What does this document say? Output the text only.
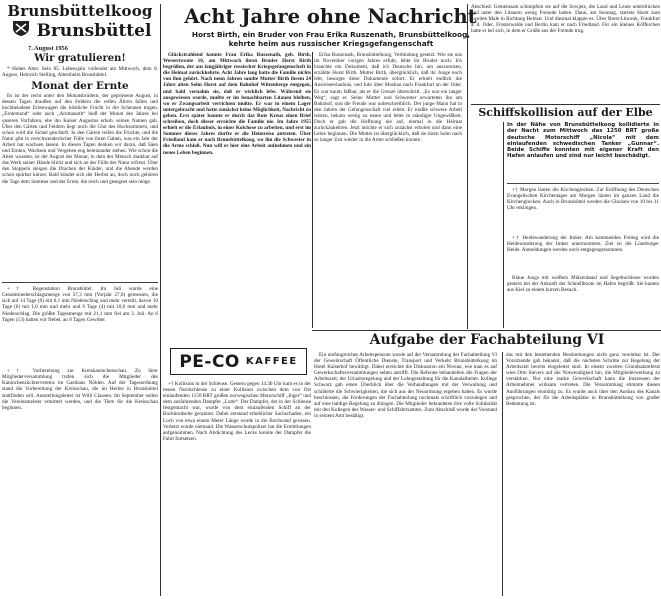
Brunsbüttelkoog
Brunsbüttel
7. August 1956
Wir gratulieren!

* Hohes Alter. Sein 85. Lebensjahr vollendet am Mittwoch, dem 8. August, Heinrich Stelling, Altersheim Brunsbüttel.

Monat der Ernte

Es ist der recht unter den Monatsbrüdern, der gepriesene August, in dessen Tagen draußen auf den Feldern die reifen Ähren fallen und hochbeladene Erntewagen die köstliche Frucht in die Scheunen tragen. „Erntemond“ oder auch „Arnmanoth“ hieß der Monat des Jahres bei unseren Vorfahren, ehe ihn Kaiser Augustus erhob, seinen Namen gab. Über den Gärten und Feldern liegt noch die Glut des Hochsommers, und schon wird die Sichel geschärft. In den Gärten reifen die Früchte, und die Natur gibt in verschwenderischer Fülle von ihren Gaben, was ein Jahr der Arbeit hat wachsen lassen. In diesen Tagen denken wir daran, daß Säen und Ernten, Wachsen und Vergehen eng beieinander stehen. Wie schon die Alten wussten, ist der August der Monat, in dem der Mensch dankbar auf das Werk seiner Hände blickt und sich an der Fülle der Natur erfreut. Über den Stoppeln steigen die Drachen der Kinder, und die Abende werden schon spürbar kürzer. Bald kündet sich der Herbst an, doch noch gehören die Tage dem Sommer und der Ernte, die reich und gesegnet sein möge.

+† Regenstation Brunsbüttel. Im Juli wurde eine Gesamtniederschlagsmenge von 37,3 mm (Vorjahr 27,0) gemessen, die sich auf 14 Tage (9) mit 0,1 mm Niederschlag und mehr verteilt, davon 10 Tage (6) mit 1,0 mm und mehr und 9 Tage (4) mit 10,0 mm und mehr Niederschlag. Die größte Tagesmenge mit 21,1 mm fiel am 3. Juli. An 6 Tagen (13) hatten wir Nebel, an 8 Tagen Gewitter.

+† Vorbereitung zur Kreiskaninchenschau. Zu ihrer Mitgliederversammlung trafen sich die Mitglieder des Kaninchenzüchtervereins im Gasthaus Nöhlen. Auf der Tagesordnung stand die Vorbereitung der Kreisschau, die im Herbst in Brunsbüttel stattfinden soll. Ausstellungsleiter ist Willi Clausen. Im September sollen die Vereinsmeister ermittelt werden, und die Tiere für die Kreisschau beginnen.

Acht Jahre ohne Nachricht
Horst Birth, ein Bruder von Frau Erika Ruszenath, Brunsbüttelkoog, kehrte heim aus russischer Kriegsgefangenschaft

Glückstrahlend konnte Frau Erika Ruszenath, geb. Birth, Westertweute 10, am Mittwoch ihren Bruder Horst Birth begrüßen, der aus langjähriger russischer Kriegsgefangenschaft in die Heimat zurückkehrte. Acht Jahre lang hatte die Familie nichts von ihm gehört. Nach neun Jahren sandte Mutter Birth ihrem 24 Jahre alten Sohn Horst auf dem Bahnhof Wittenberge entgegen, und bald vernahm sie, daß er wirklich lebe. Während sie ausgewiesen wurde, mußte er im benachbarten Litauen bleiben, wo er Zwangsarbeit verrichten mußte. Er war in einem Lager untergebracht und hatte zunächst keine Möglichkeit, Nachricht zu geben. Erst später konnte er durch das Rote Kreuz einen Brief schreiben, doch dieser erreichte die Familie nie. Im Jahre 1955 erhielt er die Erlaubnis, in einer Kolchose zu arbeiten, und erst im Sommer dieses Jahres durfte er die Heimreise antreten. Über Friedland kam er nach Brunsbüttelkoog, wo ihn die Schwester in die Arme schloß. Nun will er hier eine Arbeit aufnehmen und ein neues Leben beginnen.

PE-CO KAFFEE

+† Kollision in der Schleuse. Gestern gegen 14.30 Uhr kam es in der neuen Nordschleuse zu einer Kollision zwischen dem von Ost einlaufenden 1150 BRT großen norwegischen Motorschiff „Inger“ und dem ausfahrenden Dampfer „Lotte“. Der Dampfer, der in der Schleuse festgemacht war, wurde von dem einlaufenden Schiff an der Backbordseite gerammt. Dabei entstand erheblicher Sachschaden, ein Loch von etwa einem Meter Länge wurde in die Bordwand gerissen. Verletzt wurde niemand. Die Wasserschutzpolizei hat die Ermittlungen aufgenommen. Nach Abdichtung des Lecks konnte der Dampfer die Fahrt fortsetzen.

Erika Ruszenath, Brunsbüttelkoog, Verbindung gesetzt. Wie sie uns im November vorigen Jahres erfuhr, lebte ihr Bruder noch. Ich brauchte ein Dokument, daß ich Deutsche bin, um auszureisen, erzählte Horst Birth. Mutter Birth, überglücklich, daß ihr Junge noch lebt, besorgte diese Dokumente sofort. Er erhielt endlich die Ausreiseerlaubnis, und fuhr über Moskau nach Frankfurt an der Oder. Es war kaum faßbar, als er die Grenze überschritt. „Es war ein langer Weg“, sagt er. Seine Mutter und Schwester erwarteten ihn am Bahnhof, und die Freude war unbeschreiblich. Der junge Mann hat in den Jahren der Gefangenschaft viel erlebt. Er mußte schwere Arbeit leisten, bekam wenig zu essen und lebte in ständiger Ungewißheit. Doch er gab die Hoffnung nie auf, einmal in die Heimat zurückzukehren. Jetzt möchte er sich zunächst erholen und dann eine Lehre beginnen. Die Mutter ist überglücklich, daß sie ihren Sohn nach so langer Zeit wieder in die Arme schließen konnte.

Aufgabe der Fachabteilung VI

Ein umfangreiches Arbeitspensum wurde auf der Versammlung der Fachabteilung VI der Gewerkschaft Öffentliche Dienste, Transport und Verkehr Brunsbüttelkoog im Hotel Kaiserhof bewältigt. Dabei erreichte die Diskussion ein Niveau, wie man es auf Gewerkschaftsversammlungen selten antrifft. Die Referate behandelten die Fragen der Arbeitszeit, der Urlaubsregelung und der Lohngestaltung für die Kanalarbeiter. Kollege Schwarz gab einen Überblick über die Verhandlungen mit der Verwaltung und schilderte die Schwierigkeiten, die sich aus der Neuordnung ergeben haben. Es wurde beschlossen, die Forderungen der Fachabteilung nochmals schriftlich vorzulegen und auf eine baldige Regelung zu drängen. Die Mitglieder bekundeten ihre volle Solidarität mit den Kollegen des Wasser- und Schiffahrtsamtes. Zum Abschluß wurde der Vorstand in seinem Amt bestätigt.

das mit den bestehenden Bestimmungen nicht ganz vereinbar ist. Der Vorsitzende gab bekannt, daß die nächsten Schritte zur Regelung der Arbeitszeit bereits eingeleitet sind. In einem zweiten Grundsatzreferat wies Otto Sievers auf die Notwendigkeit hin, die Mitgliederwerbung zu verstärken. Nur eine starke Gewerkschaft kann die Interessen der Arbeitnehmer wirksam vertreten. Die Versammlung stimmte diesen Ausführungen einmütig zu. Es wurde auch über den Ausbau des Kanals gesprochen, der für die Arbeitsplätze in Brunsbüttelkoog von großer Bedeutung ist.

Abschied. Gemeinsam schimpften sie auf die Sowjets, die Land und Leute unterdrücken und unter den Litauern wenig Freunde haben. Dann, am Sonntag, startete Horst zum zweiten Male in Richtung Heimat. Und diesmal klappte es. Über Brest-Litowsk, Frankfurt a. d. Oder, Finsterwalde und Berlin kam er nach Friedland. Für ein kleines Köfferchen hatte er bei sich, in dem er Grüße aus der Fremde trug.

Schiffskollision auf der Elbe
In der Nähe von Brunsbüttelkoog kollidierte in der Nacht zum Mittwoch das 1250 BRT große deutsche Motorschiff „Nicola“ mit dem einlaufenden schwedischen Tanker „Gunnar“. Beide Schiffe konnten mit eigener Kraft den Hafen anlaufen und sind nur leicht beschädigt.

+† Morgen läuten die Kirchenglocken. Zur Eröffnung des Deutschen Evangelischen Kirchentages am Morgen läuten im ganzen Land die Kirchenglocken. Auch in Brunsbüttel werden die Glocken von 10 bis 11 Uhr erklingen.

+† Heidewanderung der Imker. Am kommenden Freitag wird die Heidewanderung der Imker unternommen. Ziel ist die Lüneburger Heide. Anmeldungen werden noch entgegengenommen.

Blaue Jungs mit weißem Mützenband und Segeltuchhose wurden gestern bei der Ankunft der Schnellboote im Hafen begrüßt. Sie kamen aus Kiel zu einem kurzen Besuch.
